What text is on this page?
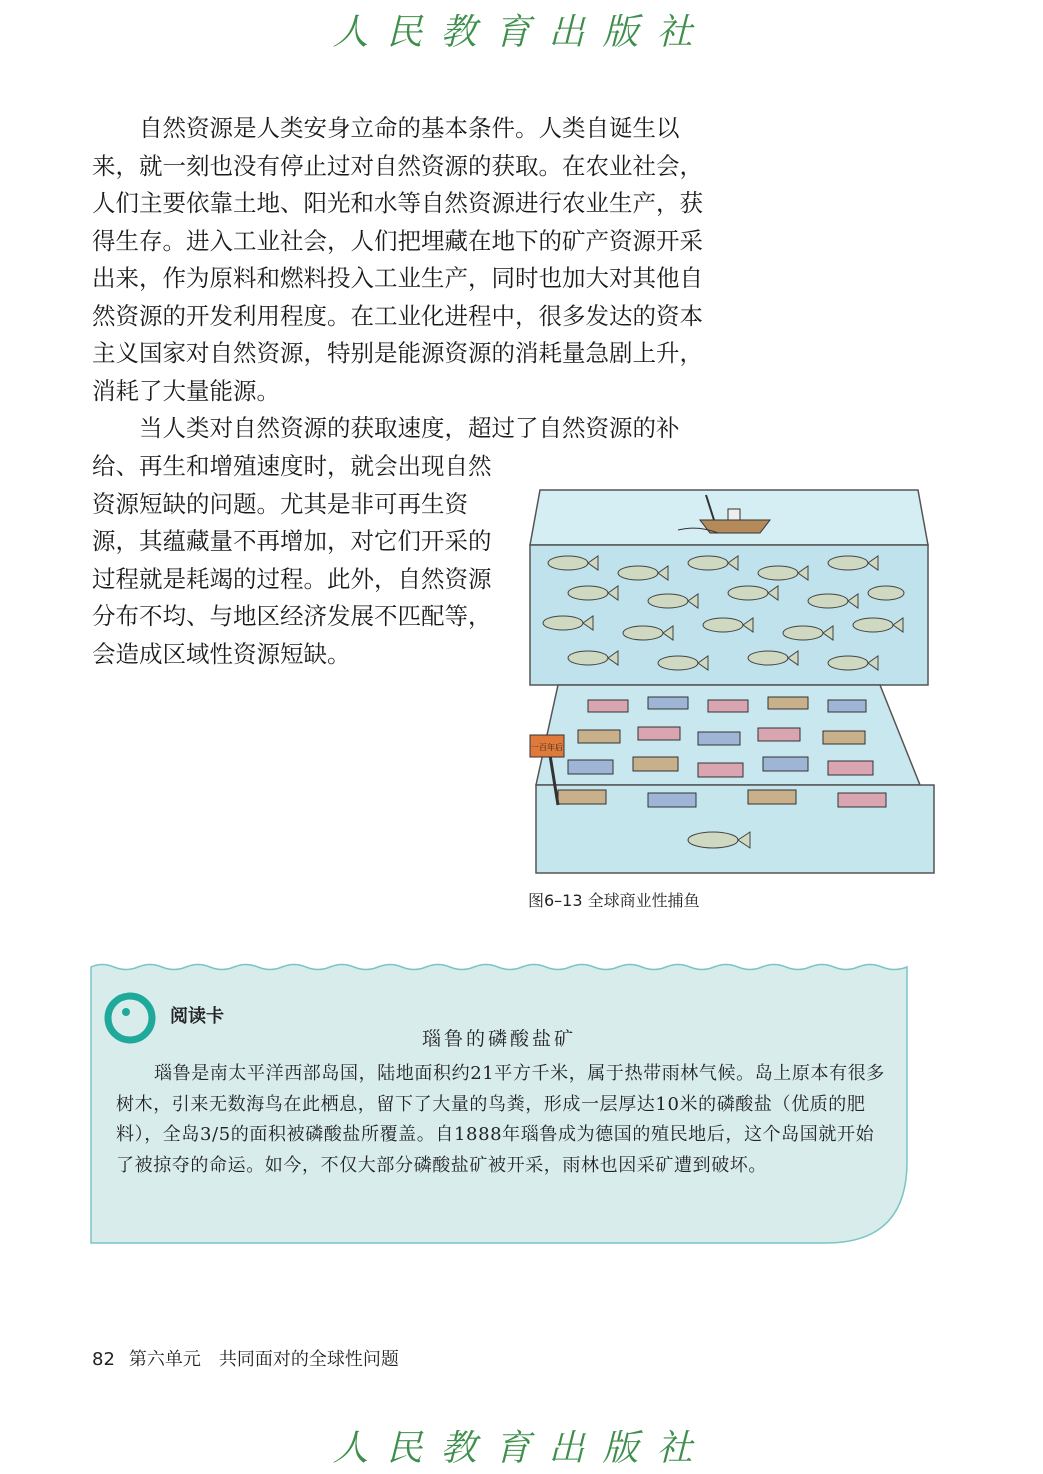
人民教育出版社

自然资源是人类安身立命的基本条件。人类自诞生以来，就一刻也没有停止过对自然资源的获取。在农业社会，人们主要依靠土地、阳光和水等自然资源进行农业生产，获得生存。进入工业社会，人们把埋藏在地下的矿产资源开采出来，作为原料和燃料投入工业生产，同时也加大对其他自然资源的开发利用程度。在工业化进程中，很多发达的资本主义国家对自然资源，特别是能源资源的消耗量急剧上升，消耗了大量能源。

当人类对自然资源的获取速度，超过了自然资源的补

给、再生和增殖速度时，就会出现自然资源短缺的问题。尤其是非可再生资源，其蕴藏量不再增加，对它们开采的过程就是耗竭的过程。此外，自然资源分布不均、与地区经济发展不匹配等，会造成区域性资源短缺。

一百年后
图6–13 全球商业性捕鱼
阅读卡
瑙鲁的磷酸盐矿

瑙鲁是南太平洋西部岛国，陆地面积约21平方千米，属于热带雨林气候。岛上原本有很多树木，引来无数海鸟在此栖息，留下了大量的鸟粪，形成一层厚达10米的磷酸盐（优质的肥料），全岛3/5的面积被磷酸盐所覆盖。自1888年瑙鲁成为德国的殖民地后，这个岛国就开始了被掠夺的命运。如今，不仅大部分磷酸盐矿被开采，雨林也因采矿遭到破坏。

82 第六单元　共同面对的全球性问题
人民教育出版社
